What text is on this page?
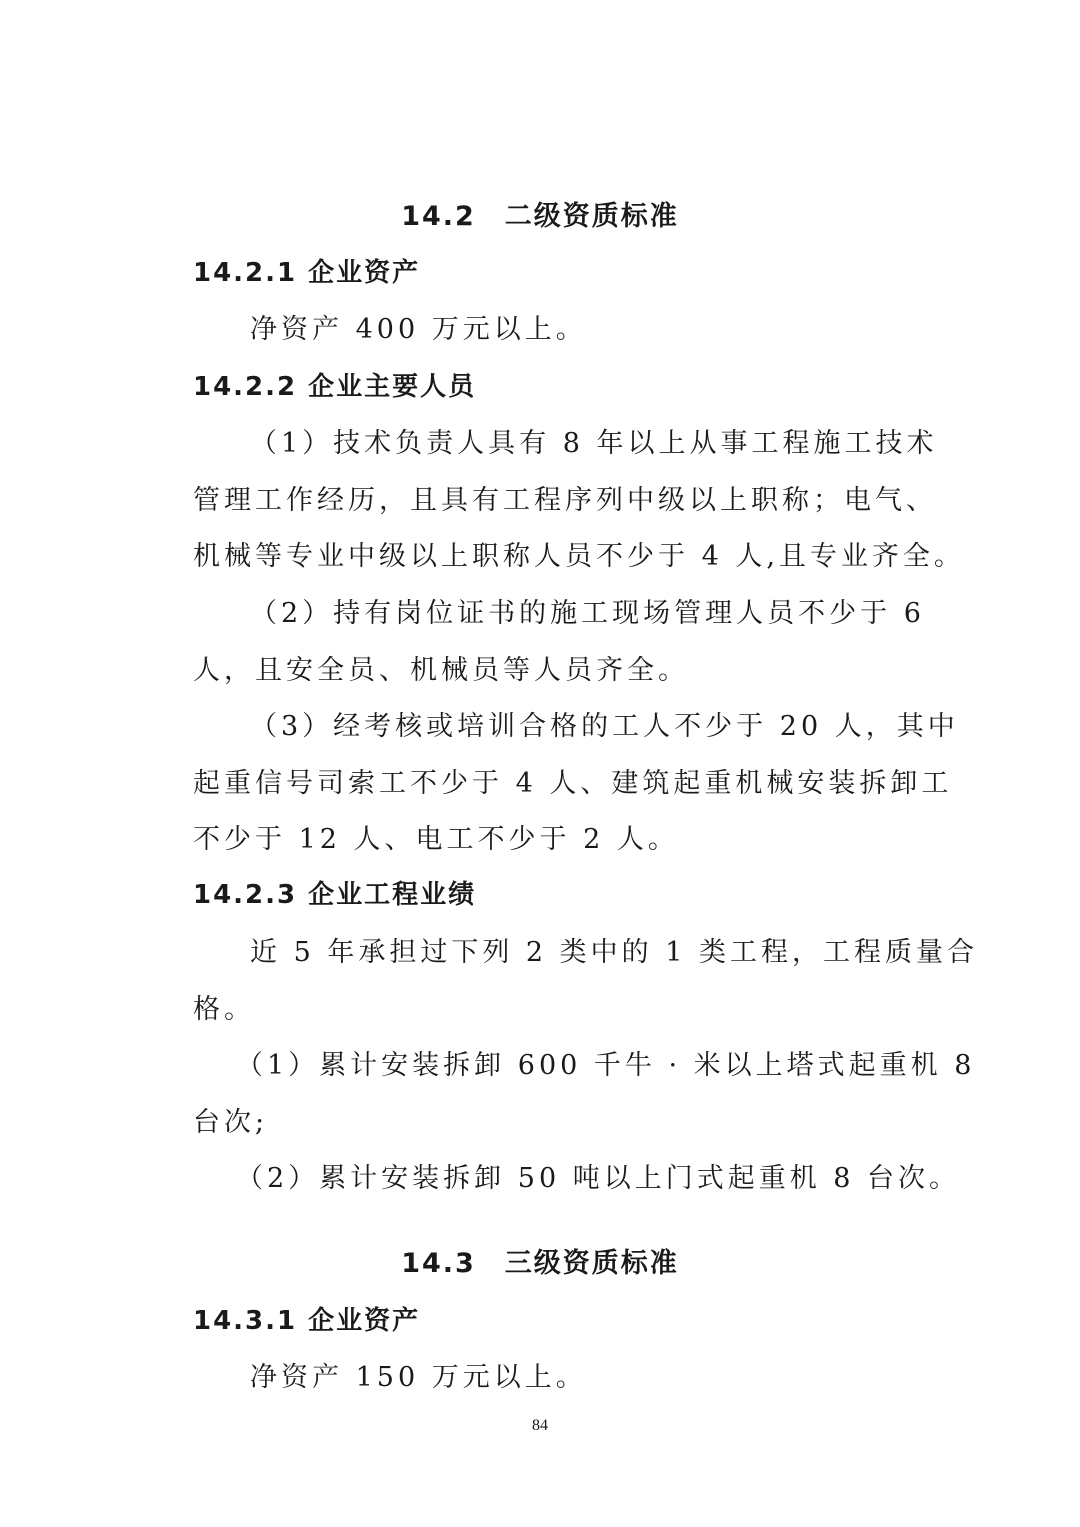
14.2　二级资质标准
14.2.1 企业资产
净资产 400 万元以上。
14.2.2 企业主要人员
（1）技术负责人具有 8 年以上从事工程施工技术
管理工作经历，且具有工程序列中级以上职称；电气、
机械等专业中级以上职称人员不少于 4 人,且专业齐全。
（2）持有岗位证书的施工现场管理人员不少于 6
人，且安全员、机械员等人员齐全。
（3）经考核或培训合格的工人不少于 20 人，其中
起重信号司索工不少于 4 人、建筑起重机械安装拆卸工
不少于 12 人、电工不少于 2 人。
14.2.3 企业工程业绩
近 5 年承担过下列 2 类中的 1 类工程，工程质量合
格。
（1）累计安装拆卸 600 千牛 · 米以上塔式起重机 8
台次;
（2）累计安装拆卸 50 吨以上门式起重机 8 台次。
14.3　三级资质标准
14.3.1 企业资产
净资产 150 万元以上。
84
